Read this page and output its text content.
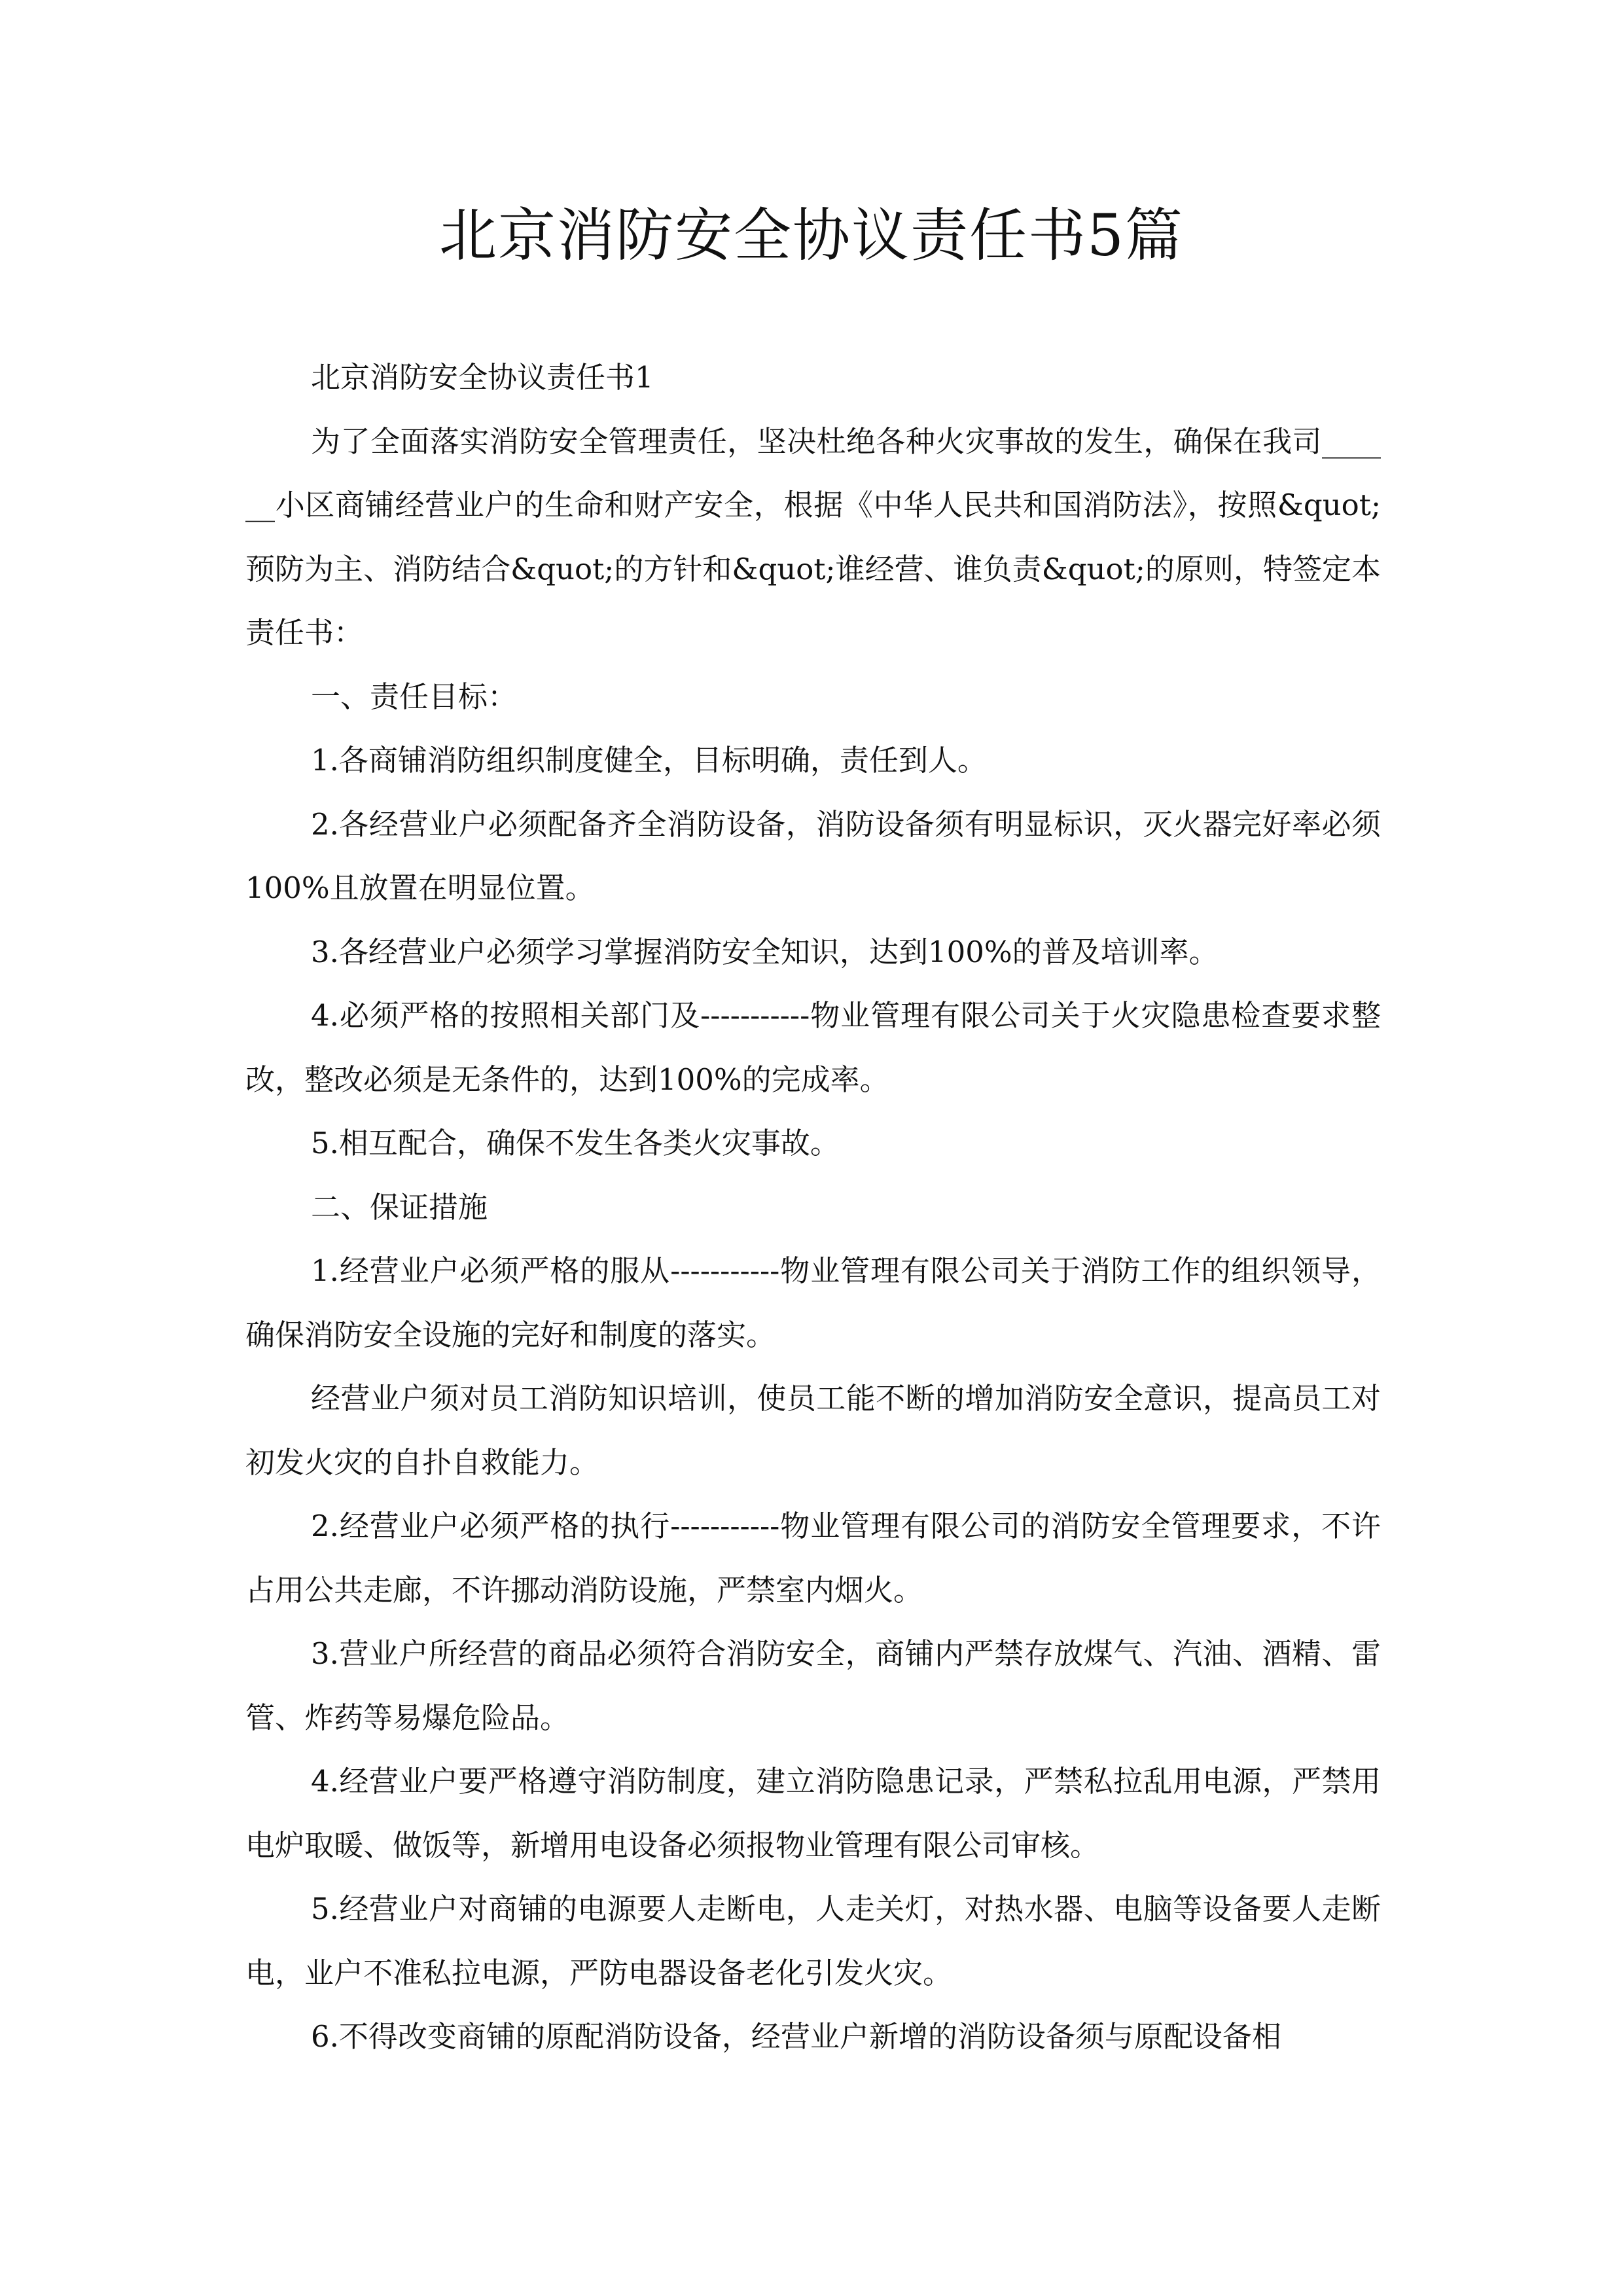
北京消防安全协议责任书5篇

北京消防安全协议责任书1

为了全面落实消防安全管理责任，坚决杜绝各种火灾事故的发生，确保在我司______小区商铺经营业户的生命和财产安全，根据《中华人民共和国消防法》，按照&quot;预防为主、消防结合&quot;的方针和&quot;谁经营、谁负责&quot;的原则，特签定本责任书：

一、责任目标：

1.各商铺消防组织制度健全，目标明确，责任到人。

2.各经营业户必须配备齐全消防设备，消防设备须有明显标识，灭火器完好率必须100%且放置在明显位置。

3.各经营业户必须学习掌握消防安全知识，达到100%的普及培训率。

4.必须严格的按照相关部门及-----------物业管理有限公司关于火灾隐患检查要求整改，整改必须是无条件的，达到100%的完成率。

5.相互配合，确保不发生各类火灾事故。

二、保证措施

1.经营业户必须严格的服从-----------物业管理有限公司关于消防工作的组织领导，确保消防安全设施的完好和制度的落实。

经营业户须对员工消防知识培训，使员工能不断的增加消防安全意识，提高员工对初发火灾的自扑自救能力。

2.经营业户必须严格的执行-----------物业管理有限公司的消防安全管理要求，不许占用公共走廊，不许挪动消防设施，严禁室内烟火。

3.营业户所经营的商品必须符合消防安全，商铺内严禁存放煤气、汽油、酒精、雷管、炸药等易爆危险品。

4.经营业户要严格遵守消防制度，建立消防隐患记录，严禁私拉乱用电源，严禁用电炉取暖、做饭等，新增用电设备必须报物业管理有限公司审核。

5.经营业户对商铺的电源要人走断电，人走关灯，对热水器、电脑等设备要人走断电，业户不准私拉电源，严防电器设备老化引发火灾。

6.不得改变商铺的原配消防设备，经营业户新增的消防设备须与原配设备相
